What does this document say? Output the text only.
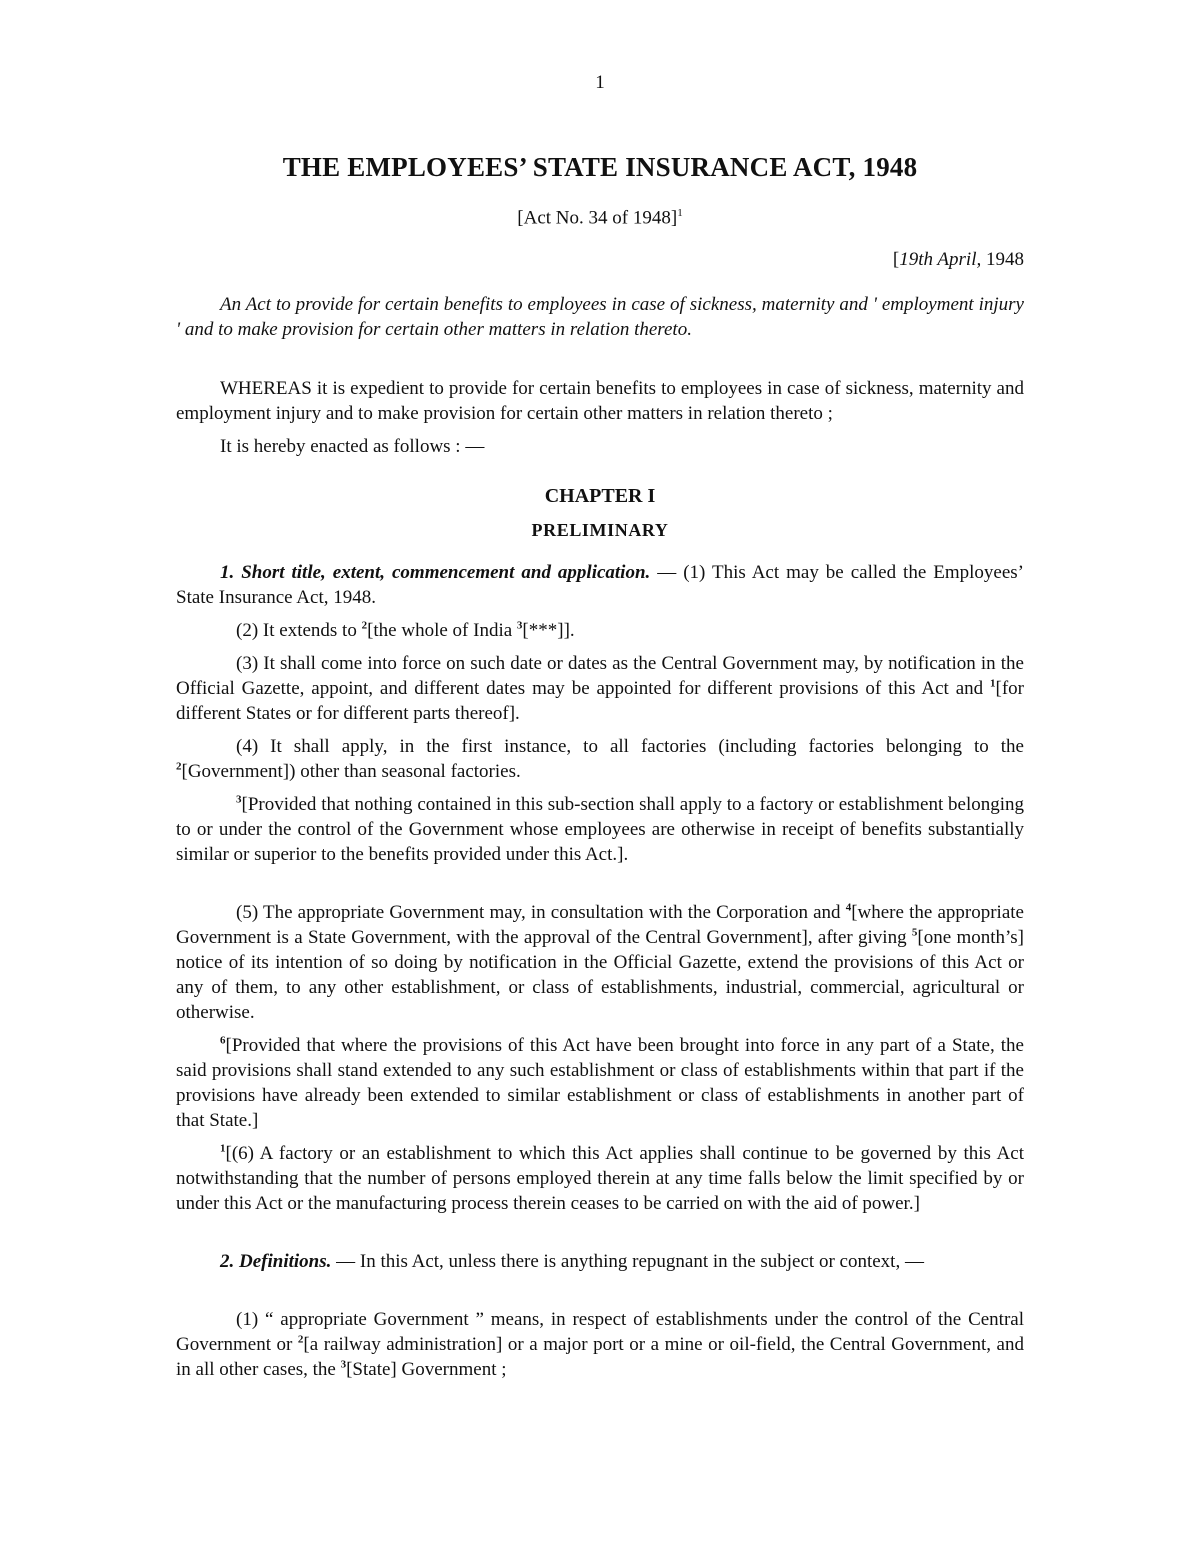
1
THE EMPLOYEES’ STATE INSURANCE ACT, 1948
[Act No. 34 of 1948]$^1$
[19th April, 1948
An Act to provide for certain benefits to employees in case of sickness, maternity and ' employment injury ' and to make provision for certain other matters in relation thereto.
WHEREAS it is expedient to provide for certain benefits to employees in case of sickness, maternity and employment injury and to make provision for certain other matters in relation thereto ;
It is hereby enacted as follows : —
CHAPTER I
PRELIMINARY
1. Short title, extent, commencement and application. — (1) This Act may be called the Employees’ State Insurance Act, 1948.
(2) It extends to $^2$[the whole of India $^3$[***]].
(3) It shall come into force on such date or dates as the Central Government may, by notification in the Official Gazette, appoint, and different dates may be appointed for different provisions of this Act and $^1$[for different States or for different parts thereof].
(4) It shall apply, in the first instance, to all factories (including factories belonging to the $^2$[Government]) other than seasonal factories.
$^3$[Provided that nothing contained in this sub-section shall apply to a factory or establishment belonging to or under the control of the Government whose employees are otherwise in receipt of benefits substantially similar or superior to the benefits provided under this Act.].
(5) The appropriate Government may, in consultation with the Corporation and $^4$[where the appropriate Government is a State Government, with the approval of the Central Government], after giving $^5$[one month’s] notice of its intention of so doing by notification in the Official Gazette, extend the provisions of this Act or any of them, to any other establishment, or class of establishments, industrial, commercial, agricultural or otherwise.
$^6$[Provided that where the provisions of this Act have been brought into force in any part of a State, the said provisions shall stand extended to any such establishment or class of establishments within that part if the provisions have already been extended to similar establishment or class of establishments in another part of that State.]
$^1$[(6) A factory or an establishment to which this Act applies shall continue to be governed by this Act notwithstanding that the number of persons employed therein at any time falls below the limit specified by or under this Act or the manufacturing process therein ceases to be carried on with the aid of power.]
2. Definitions. — In this Act, unless there is anything repugnant in the subject or context, —
(1) “ appropriate Government ” means, in respect of establishments under the control of the Central Government or $^2$[a railway administration] or a major port or a mine or oil-field, the Central Government, and in all other cases, the $^3$[State] Government ;
